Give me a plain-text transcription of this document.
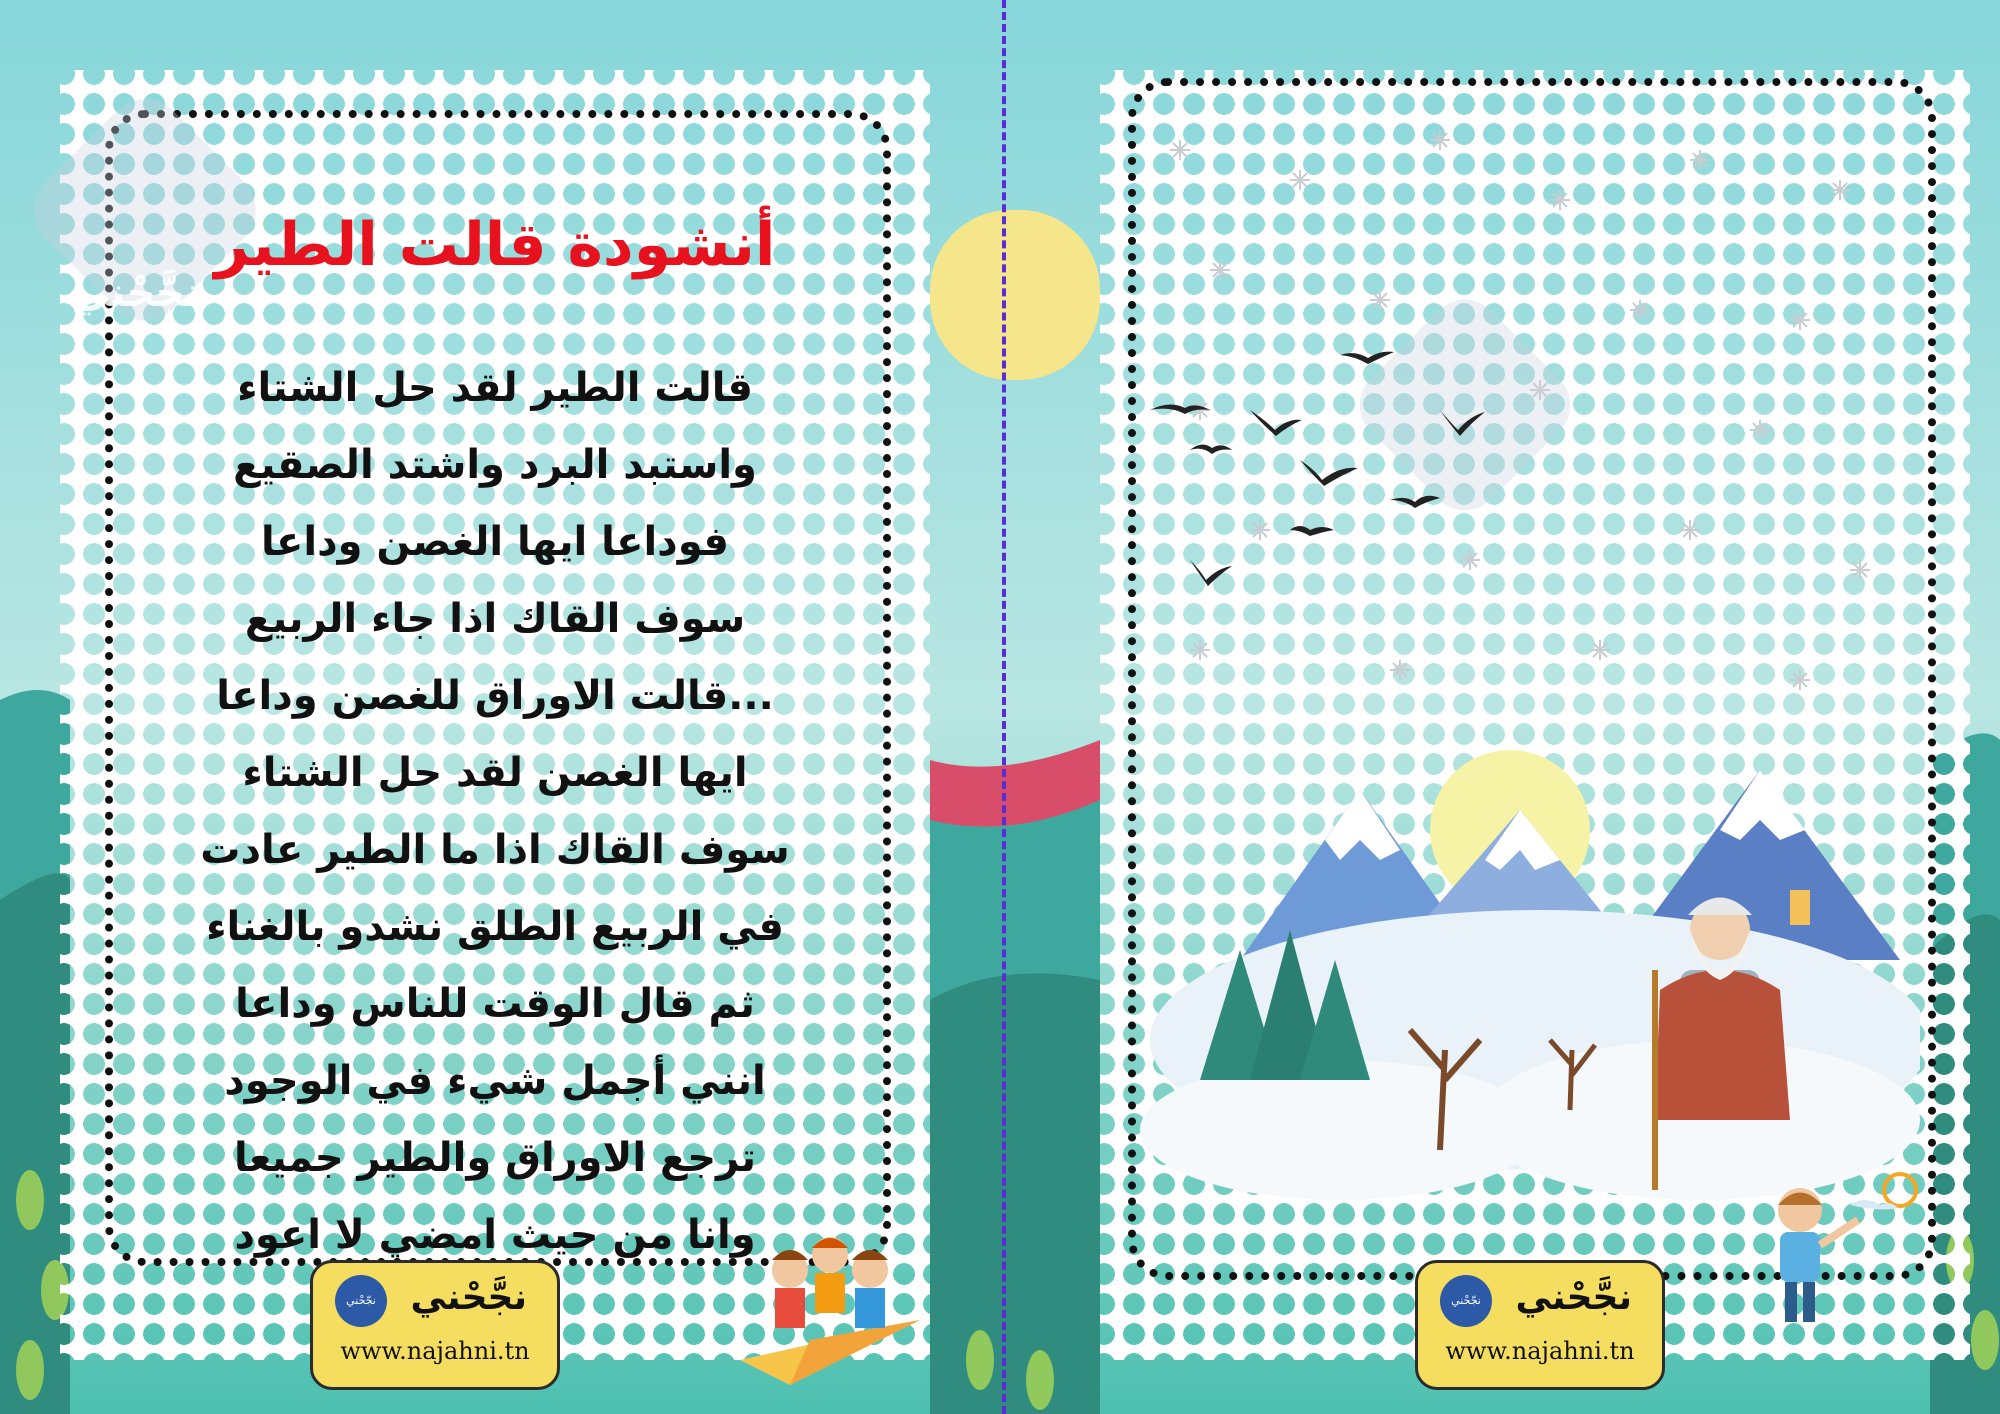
نجَّحْني
أنشودة قالت الطير
قالت الطير لقد حل الشتاء
واستبد البرد واشتد الصقيع
فوداعا ايها الغصن وداعا
سوف القاك اذا جاء الربيع
...قالت الاوراق للغصن وداعا
ايها الغصن لقد حل الشتاء
سوف القاك اذا ما الطير عادت
في الربيع الطلق نشدو بالغناء
ثم قال الوقت للناس وداعا
انني أجمل شيء في الوجود
ترجع الاوراق والطير جميعا
وانا من حيث امضي لا اعود
نجّحْني نجَّحْني
www.najahni.tn
نجّحْني نجَّحْني
www.najahni.tn
